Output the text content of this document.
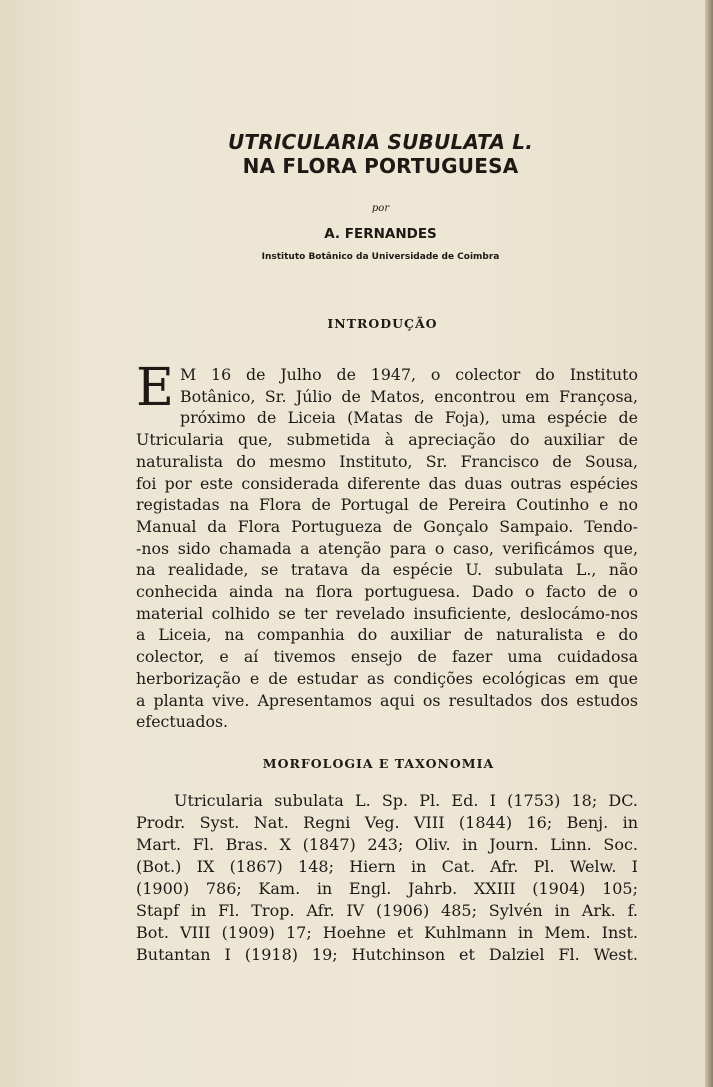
UTRICULARIA SUBULATA L.
NA FLORA PORTUGUESA
por
A. FERNANDES
Instituto Botânico da Universidade de Coimbra
INTRODUÇÃO
E M 16 de Julho de 1947, o colector do Instituto
Botânico, Sr. Júlio de Matos, encontrou em Françosa,
próximo de Liceia (Matas de Foja), uma espécie de
Utricularia que, submetida à apreciação do auxiliar de
naturalista do mesmo Instituto, Sr. Francisco de Sousa,
foi por este considerada diferente das duas outras espécies
registadas na Flora de Portugal de Pereira Coutinho e no
Manual da Flora Portugueza de Gonçalo Sampaio. Tendo-
-nos sido chamada a atenção para o caso, verificámos que,
na realidade, se tratava da espécie U. subulata L., não
conhecida ainda na flora portuguesa. Dado o facto de o
material colhido se ter revelado insuficiente, deslocámo-nos
a Liceia, na companhia do auxiliar de naturalista e do
colector, e aí tivemos ensejo de fazer uma cuidadosa
herborização e de estudar as condições ecológicas em que
a planta vive. Apresentamos aqui os resultados dos estudos
efectuados.
MORFOLOGIA E TAXONOMIA
Utricularia subulata L. Sp. Pl. Ed. I (1753) 18; DC.
Prodr. Syst. Nat. Regni Veg. VIII (1844) 16; Benj. in
Mart. Fl. Bras. X (1847) 243; Oliv. in Journ. Linn. Soc.
(Bot.) IX (1867) 148; Hiern in Cat. Afr. Pl. Welw. I
(1900) 786; Kam. in Engl. Jahrb. XXIII (1904) 105;
Stapf in Fl. Trop. Afr. IV (1906) 485; Sylvén in Ark. f.
Bot. VIII (1909) 17; Hoehne et Kuhlmann in Mem. Inst.
Butantan I (1918) 19; Hutchinson et Dalziel Fl. West.
